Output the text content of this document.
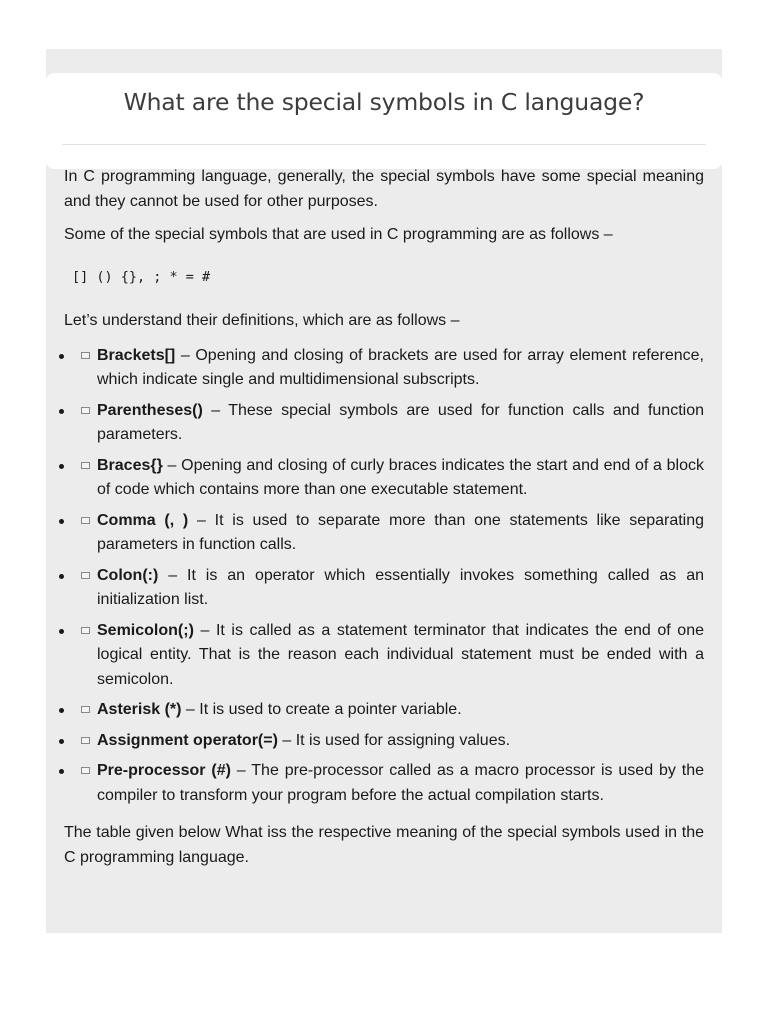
What are the special symbols in C language?

In C programming language, generally, the special symbols have some special meaning and they cannot be used for other purposes.

Some of the special symbols that are used in C programming are as follows –

[] () {}, ; * = #

Let’s understand their definitions, which are as follows –

Brackets[] – Opening and closing of brackets are used for array element reference, which indicate single and multidimensional subscripts.
Parentheses() – These special symbols are used for function calls and function parameters.
Braces{} – Opening and closing of curly braces indicates the start and end of a block of code which contains more than one executable statement.
Comma (, ) – It is used to separate more than one statements like separating parameters in function calls.
Colon(:) – It is an operator which essentially invokes something called as an initialization list.
Semicolon(;) – It is called as a statement terminator that indicates the end of one logical entity. That is the reason each individual statement must be ended with a semicolon.
Asterisk (*) – It is used to create a pointer variable.
Assignment operator(=) – It is used for assigning values.
Pre-processor (#) – The pre-processor called as a macro processor is used by the compiler to transform your program before the actual compilation starts.

The table given below What iss the respective meaning of the special symbols used in the C programming language.
